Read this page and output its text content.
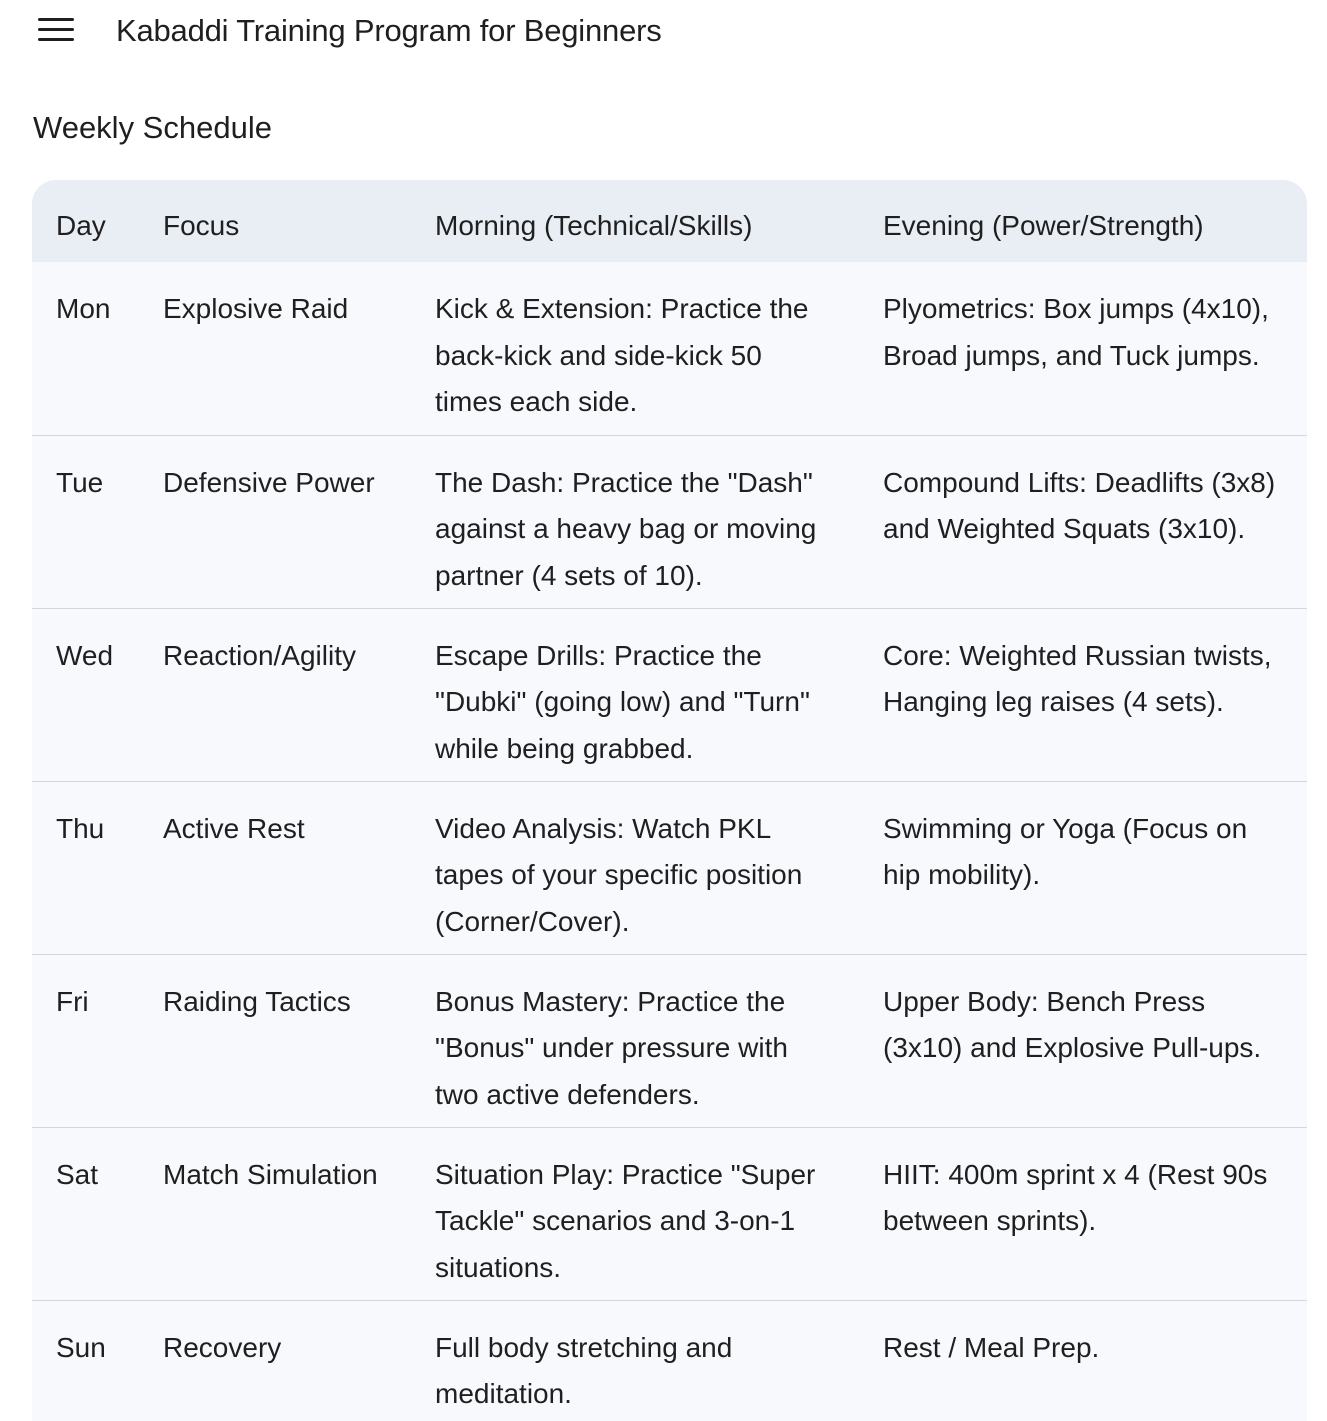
Kabaddi Training Program for Beginners
Weekly Schedule
Day	Focus	Morning (Technical/Skills)	Evening (Power/Strength)
Mon	Explosive Raid	Kick & Extension: Practice the back-kick and side-kick 50 times each side.	Plyometrics: Box jumps (4x10), Broad jumps, and Tuck jumps.
Tue	Defensive Power	The Dash: Practice the "Dash" against a heavy bag or moving partner (4 sets of 10).	Compound Lifts: Deadlifts (3x8) and Weighted Squats (3x10).
Wed	Reaction/Agility	Escape Drills: Practice the "Dubki" (going low) and "Turn" while being grabbed.	Core: Weighted Russian twists, Hanging leg raises (4 sets).
Thu	Active Rest	Video Analysis: Watch PKL tapes of your specific position (Corner/Cover).	Swimming or Yoga (Focus on hip mobility).
Fri	Raiding Tactics	Bonus Mastery: Practice the "Bonus" under pressure with two active defenders.	Upper Body: Bench Press (3x10) and Explosive Pull-ups.
Sat	Match Simulation	Situation Play: Practice "Super Tackle" scenarios and 3-on-1 situations.	HIIT: 400m sprint x 4 (Rest 90s between sprints).
Sun	Recovery	Full body stretching and meditation.	Rest / Meal Prep.
